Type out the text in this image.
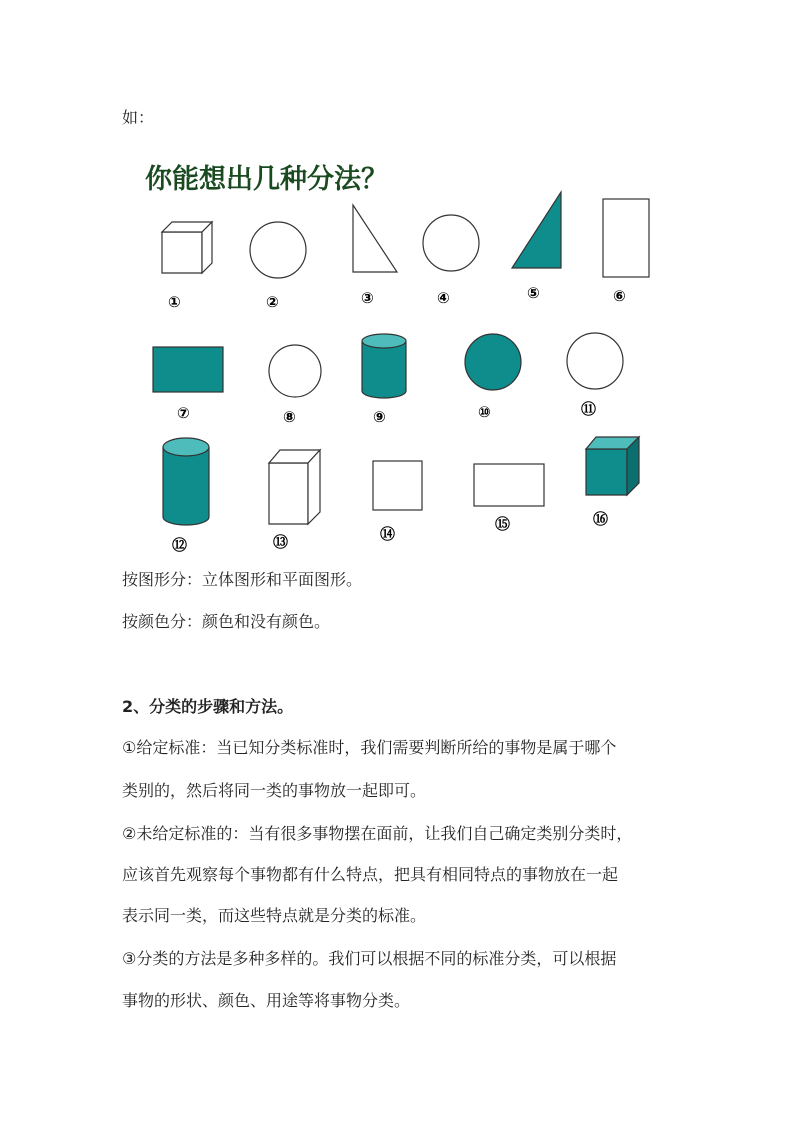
如：
你能想出几种分法？
①	②	③	④	⑤	⑥
⑦	⑧	⑨	⑩	⑪
⑫	⑬	⑭
⑮	⑯
按图形分：立体图形和平面图形。
按颜色分：颜色和没有颜色。
2、分类的步骤和方法。
①给定标准：当已知分类标准时，我们需要判断所给的事物是属于哪个
类别的，然后将同一类的事物放一起即可。
②未给定标准的：当有很多事物摆在面前，让我们自己确定类别分类时，
应该首先观察每个事物都有什么特点，把具有相同特点的事物放在一起
表示同一类，而这些特点就是分类的标准。
③分类的方法是多种多样的。我们可以根据不同的标准分类，可以根据
事物的形状、颜色、用途等将事物分类。
